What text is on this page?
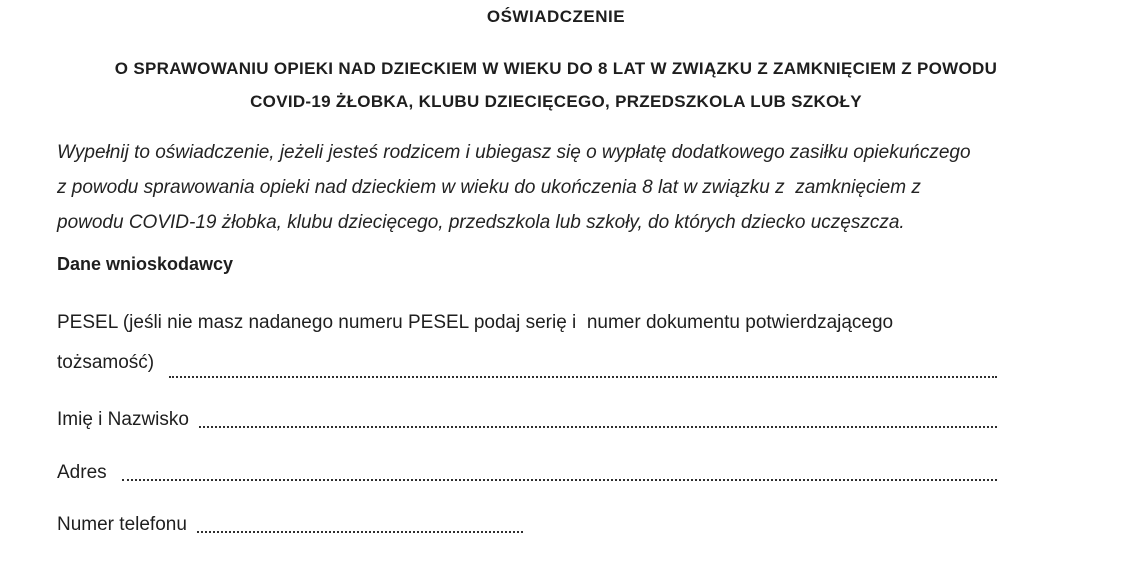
OŚWIADCZENIE
O SPRAWOWANIU OPIEKI NAD DZIECKIEM W WIEKU DO 8 LAT W ZWIĄZKU Z ZAMKNIĘCIEM Z POWODU
COVID-19 ŻŁOBKA, KLUBU DZIECIĘCEGO, PRZEDSZKOLA LUB SZKOŁY
Wypełnij to oświadczenie, jeżeli jesteś rodzicem i ubiegasz się o wypłatę dodatkowego zasiłku opiekuńczego
z powodu sprawowania opieki nad dzieckiem w wieku do ukończenia 8 lat w związku z  zamknięciem z
powodu COVID-19 żłobka, klubu dziecięcego, przedszkola lub szkoły, do których dziecko uczęszcza.
Dane wnioskodawcy
PESEL (jeśli nie masz nadanego numeru PESEL podaj serię i  numer dokumentu potwierdzającego
tożsamość)
Imię i Nazwisko
Adres
Numer telefonu
